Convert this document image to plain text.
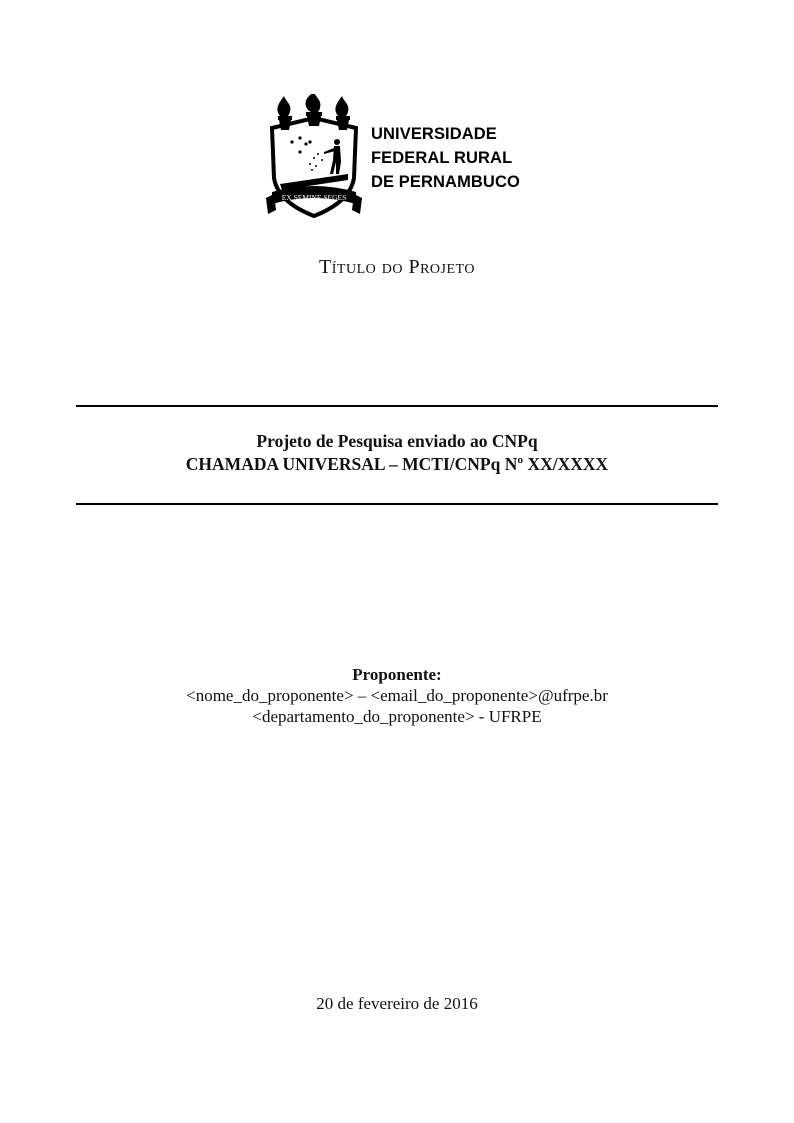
EX SEMINE SEGES
UNIVERSIDADE
FEDERAL RURAL
DE PERNAMBUCO
Título do Projeto
Projeto de Pesquisa enviado ao CNPq
CHAMADA UNIVERSAL – MCTI/CNPq Nº XX/XXXX
Proponente:
<nome_do_proponente> – <email_do_proponente>@ufrpe.br
<departamento_do_proponente> - UFRPE
20 de fevereiro de 2016
